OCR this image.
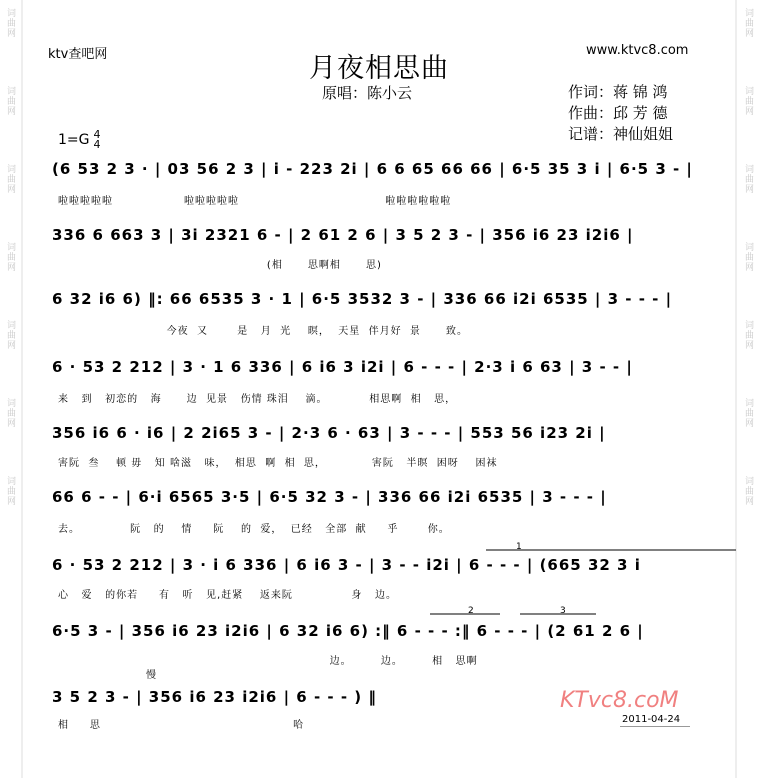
词曲网
词曲网
词曲网
词曲网
词曲网
词曲网
词曲网
词曲网
词曲网
词曲网
词曲网
词曲网
词曲网
词曲网
ktv查吧网	www.ktvc8.com
月夜相思曲
原唱：陈小云	作词：蒋 锦 鸿
作曲：邱 芳 德
记谱：神仙姐姐
1=G 4
4
(6 53 2 3 · | 03 56 2 3 | i - 223 2i | 6 6 65 66 66 | 6·5 35 3 i | 6·5 3 - |
啦啦啦啦啦                 啦啦啦啦啦                                   啦啦啦啦啦啦
336 6 663 3 | 3i 2321 6 - | 2 61 2 6 | 3 5 2 3 - | 356 i6 23 i2i6 |
(相      思啊相      思)
6 32 i6 6) ‖: 66 6535 3 · 1 | 6·5 3532 3 - | 336 66 i2i 6535 | 3 - - - |
今夜  又       是   月  光    暝，  天星  伴月好  景      致。
6 · 53 2 212 | 3 · 1 6 336 | 6 i6 3 i2i | 6 - - - | 2·3 i 6 63 | 3 - - |
来   到   初恋的   海      边  见景   伤情 珠泪    滴。          相思啊  相   思，
356 i6 6 · i6 | 2 2i65 3 - | 2·3 6 · 63 | 3 - - - | 553 56 i23 2i |
害阮  叁    顿 毋   知 啥滋   味，  相思  啊  相  思，           害阮   半暝  困呀    困袜
66 6 - - | 6·i 6565 3·5 | 6·5 32 3 - | 336 66 i2i 6535 | 3 - - - |
去。            阮   的    情     阮    的  爱，  已经   全部  献     乎       你。
1
6 · 53 2 212 | 3 · i 6 336 | 6 i6 3 - | 3 - - i2i | 6 - - - | (665 32 3 i
心   爱   的你若     有   听   见,赶紧    返来阮              身   边。
2	3
6·5 3 - | 356 i6 23 i2i6 | 6 32 i6 6) :‖ 6 - - - :‖ 6 - - - | (2 61 2 6 |
边。       边。       相   思啊
慢
3 5 2 3 - | 356 i6 23 i2i6 | 6 - - - ) ‖
相     思                                              哈
KTvc8.coM
2011-04-24
